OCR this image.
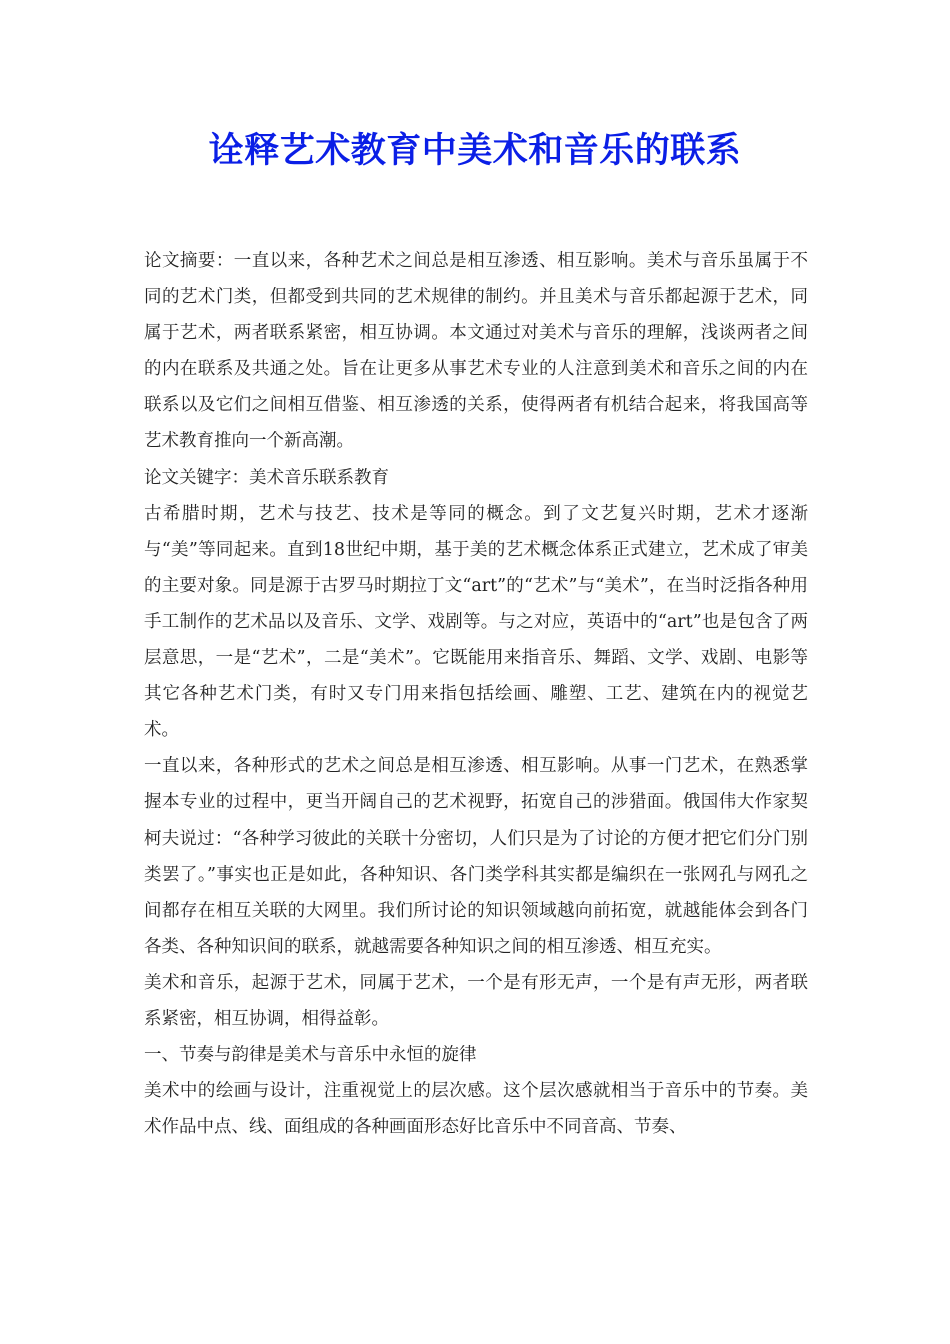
诠释艺术教育中美术和音乐的联系

论文摘要：一直以来，各种艺术之间总是相互渗透、相互影响。美术与音乐虽属于不同的艺术门类，但都受到共同的艺术规律的制约。并且美术与音乐都起源于艺术，同属于艺术，两者联系紧密，相互协调。本文通过对美术与音乐的理解，浅谈两者之间的内在联系及共通之处。旨在让更多从事艺术专业的人注意到美术和音乐之间的内在联系以及它们之间相互借鉴、相互渗透的关系，使得两者有机结合起来，将我国高等艺术教育推向一个新高潮。

论文关键字：美术音乐联系教育

古希腊时期，艺术与技艺、技术是等同的概念。到了文艺复兴时期，艺术才逐渐与“美”等同起来。直到18世纪中期，基于美的艺术概念体系正式建立，艺术成了审美的主要对象。同是源于古罗马时期拉丁文“art”的“艺术”与“美术”，在当时泛指各种用手工制作的艺术品以及音乐、文学、戏剧等。与之对应，英语中的“art”也是包含了两层意思，一是“艺术”，二是“美术”。它既能用来指音乐、舞蹈、文学、戏剧、电影等其它各种艺术门类，有时又专门用来指包括绘画、雕塑、工艺、建筑在内的视觉艺术。

一直以来，各种形式的艺术之间总是相互渗透、相互影响。从事一门艺术，在熟悉掌握本专业的过程中，更当开阔自己的艺术视野，拓宽自己的涉猎面。俄国伟大作家契柯夫说过：“各种学习彼此的关联十分密切，人们只是为了讨论的方便才把它们分门别类罢了。”事实也正是如此，各种知识、各门类学科其实都是编织在一张网孔与网孔之间都存在相互关联的大网里。我们所讨论的知识领域越向前拓宽，就越能体会到各门各类、各种知识间的联系，就越需要各种知识之间的相互渗透、相互充实。

美术和音乐，起源于艺术，同属于艺术，一个是有形无声，一个是有声无形，两者联系紧密，相互协调，相得益彰。

一、节奏与韵律是美术与音乐中永恒的旋律

美术中的绘画与设计，注重视觉上的层次感。这个层次感就相当于音乐中的节奏。美术作品中点、线、面组成的各种画面形态好比音乐中不同音高、节奏、
